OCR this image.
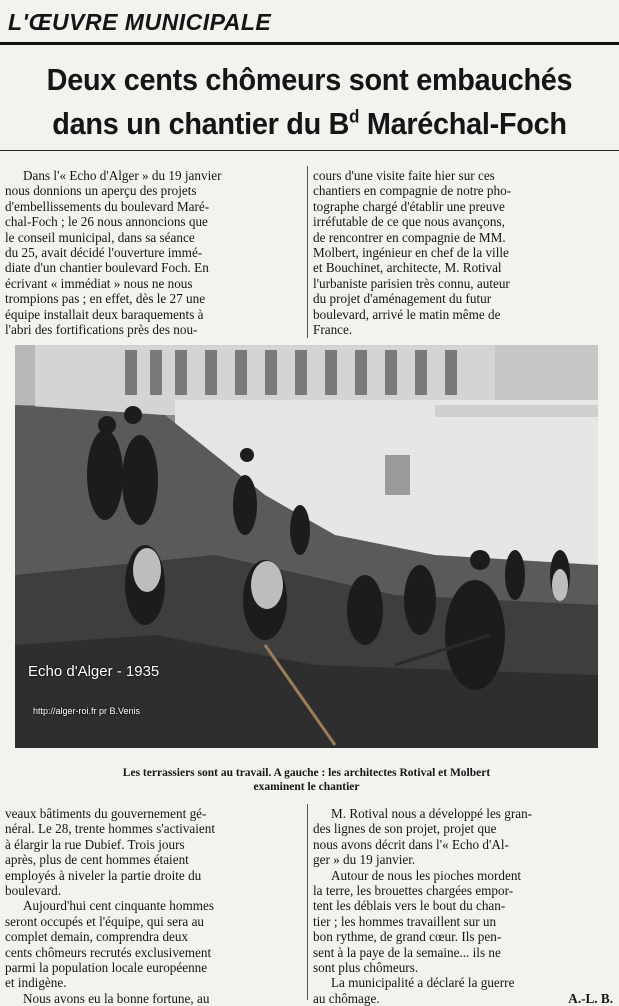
L'ŒUVRE MUNICIPALE
Deux cents chômeurs sont embauchés
dans un chantier du $B^d$ Maréchal-Foch

Dans l'« Echo d'Alger » du 19 janvier

nous donnions un aperçu des projets

d'embellissements du boulevard Maré-

chal-Foch ; le 26 nous annoncions que

le conseil municipal, dans sa séance

du 25, avait décidé l'ouverture immé-

diate d'un chantier boulevard Foch. En

écrivant « immédiat » nous ne nous

trompions pas ; en effet, dès le 27 une

équipe installait deux baraquements à

l'abri des fortifications près des nou-

cours d'une visite faite hier sur ces

chantiers en compagnie de notre pho-

tographe chargé d'établir une preuve

irréfutable de ce que nous avançons,

de rencontrer en compagnie de MM.

Molbert, ingénieur en chef de la ville

et Bouchinet, architecte, M. Rotival

l'urbaniste parisien très connu, auteur

du projet d'aménagement du futur

boulevard, arrivé le matin même de

France.

Echo d'Alger - 1935
http://alger-roi.fr pr B.Venis
Les terrassiers sont au travail. A gauche : les architectes Rotival et Molbert
examinent le chantier

veaux bâtiments du gouvernement gé-

néral. Le 28, trente hommes s'activaient

à élargir la rue Dubief. Trois jours

après, plus de cent hommes étaient

employés à niveler la partie droite du

boulevard.

Aujourd'hui cent cinquante hommes

seront occupés et l'équipe, qui sera au

complet demain, comprendra deux

cents chômeurs recrutés exclusivement

parmi la population locale européenne

et indigène.

Nous avons eu la bonne fortune, au

M. Rotival nous a développé les gran-

des lignes de son projet, projet que

nous avons décrit dans l'« Echo d'Al-

ger » du 19 janvier.

Autour de nous les pioches mordent

la terre, les brouettes chargées empor-

tent les déblais vers le bout du chan-

tier ; les hommes travaillent sur un

bon rythme, de grand cœur. Ils pen-

sent à la paye de la semaine... ils ne

sont plus chômeurs.

La municipalité a déclaré la guerre

au chômage.	A.-L. B.
